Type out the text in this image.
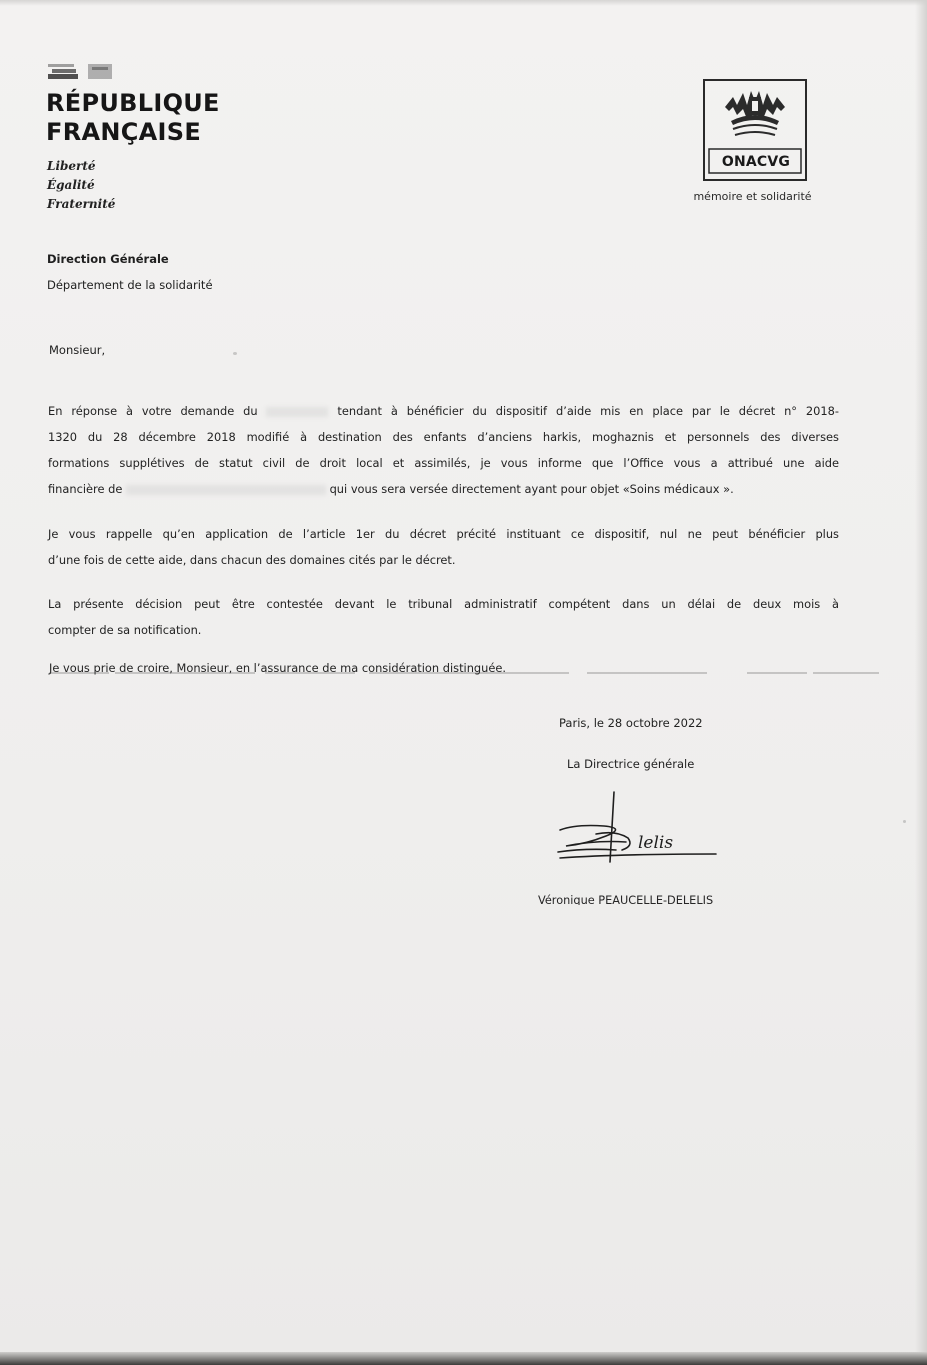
RÉPUBLIQUE
FRANÇAISE
Liberté
Égalité
Fraternité
ONACVG
mémoire et solidarité
Direction Générale
Département de la solidarité
Monsieur,
En réponse à votre demande du	tendant à bénéficier du dispositif d’aide mis en place par le décret n° 2018-
1320 du 28 décembre 2018 modifié à destination des enfants d’anciens harkis, moghaznis et personnels des diverses
formations supplétives de statut civil de droit local et assimilés, je vous informe que l’Office vous a attribué une aide
financière de	qui vous sera versée directement ayant pour objet «Soins médicaux ».
Je vous rappelle qu’en application de l’article 1er du décret précité instituant ce dispositif, nul ne peut bénéficier plus
d’une fois de cette aide, dans chacun des domaines cités par le décret.
La présente décision peut être contestée devant le tribunal administratif compétent dans un délai de deux mois à
compter de sa notification.
Je vous prie de croire, Monsieur, en l’assurance de ma considération distinguée.
Paris, le 28 octobre 2022
La Directrice générale
lelis
Véronique PEAUCELLE-DELELIS
